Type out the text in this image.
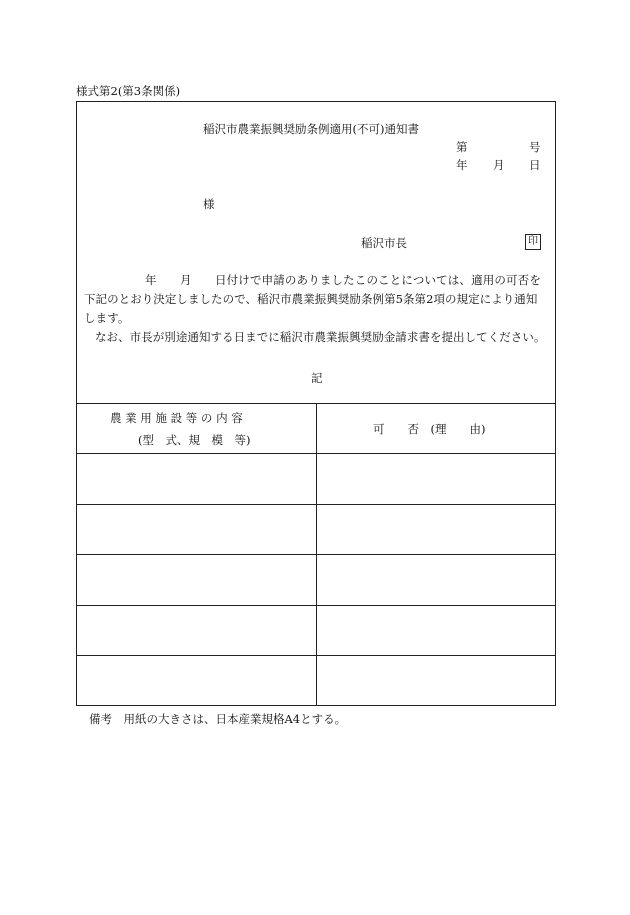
様式第2(第3条関係)
稲沢市農業振興奨励条例適用(不可)通知書
第	号
年 月 日
様
稲沢市長	印
年 月 日付けで申請のありましたこのことについては、適用の可否を
下記のとおり決定しましたので、稲沢市農業振興奨励条例第5条第2項の規定により通知
します。
なお、市長が別途通知する日までに稲沢市農業振興奨励金請求書を提出してください。
記
農 業 用 施 設 等 の 内 容
(型　式、規　模　等)
可　　否　(理　　由)
備考　用紙の大きさは、日本産業規格A4とする。
